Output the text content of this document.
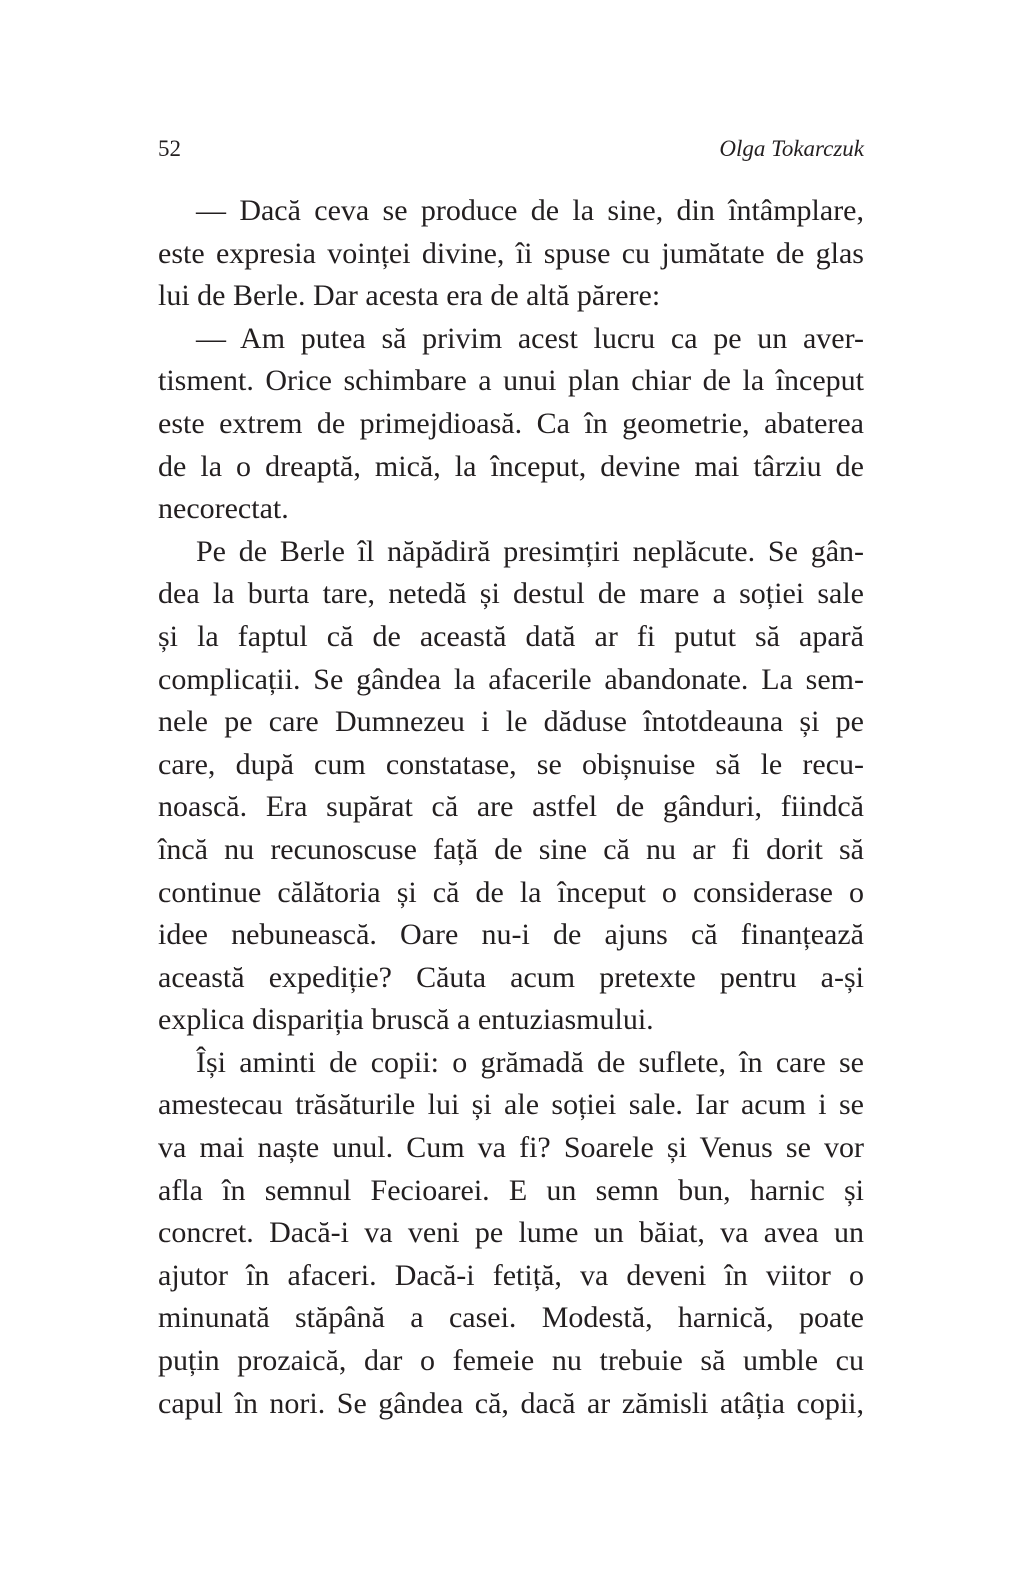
52	Olga Tokarczuk
— Dacă ceva se produce de la sine, din întâmplare,
este expresia voinței divine, îi spuse cu jumătate de glas
lui de Berle. Dar acesta era de altă părere:
— Am putea să privim acest lucru ca pe un aver-
tisment. Orice schimbare a unui plan chiar de la început
este extrem de primejdioasă. Ca în geometrie, abaterea
de la o dreaptă, mică, la început, devine mai târziu de
necorectat.
Pe de Berle îl năpădiră presimțiri neplăcute. Se gân-
dea la burta tare, netedă și destul de mare a soției sale
și la faptul că de această dată ar fi putut să apară
complicații. Se gândea la afacerile abandonate. La sem-
nele pe care Dumnezeu i le dăduse întotdeauna și pe
care, după cum constatase, se obișnuise să le recu-
noască. Era supărat că are astfel de gânduri, fiindcă
încă nu recunoscuse față de sine că nu ar fi dorit să
continue călătoria și că de la început o considerase o
idee nebunească. Oare nu-i de ajuns că finanțează
această expediție? Căuta acum pretexte pentru a-și
explica dispariția bruscă a entuziasmului.
Își aminti de copii: o grămadă de suflete, în care se
amestecau trăsăturile lui și ale soției sale. Iar acum i se
va mai naște unul. Cum va fi? Soarele și Venus se vor
afla în semnul Fecioarei. E un semn bun, harnic și
concret. Dacă-i va veni pe lume un băiat, va avea un
ajutor în afaceri. Dacă-i fetiță, va deveni în viitor o
minunată stăpână a casei. Modestă, harnică, poate
puțin prozaică, dar o femeie nu trebuie să umble cu
capul în nori. Se gândea că, dacă ar zămisli atâția copii,
